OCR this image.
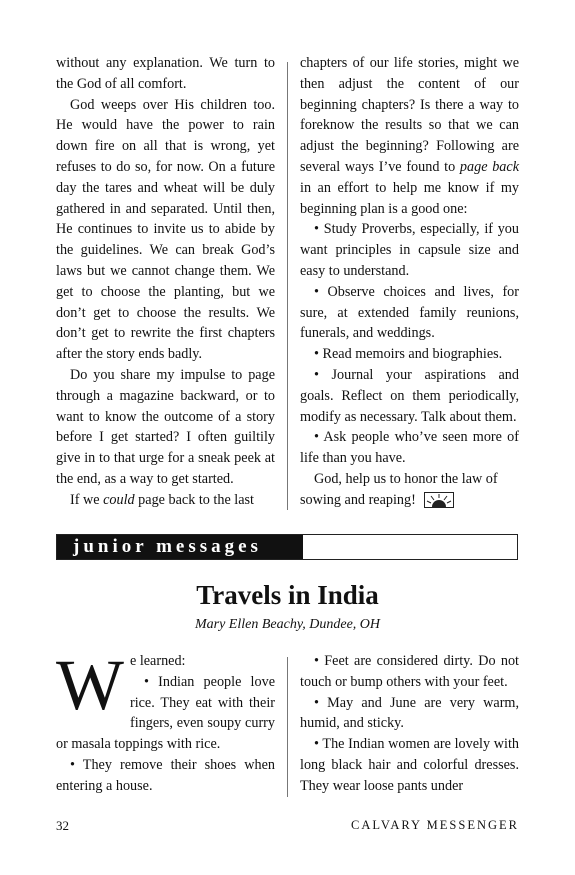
without any explanation. We turn to the God of all comfort.

God weeps over His children too. He would have the power to rain down fire on all that is wrong, yet refuses to do so, for now. On a future day the tares and wheat will be duly gathered in and separated. Until then, He continues to invite us to abide by the guidelines. We can break God’s laws but we cannot change them. We get to choose the planting, but we don’t get to choose the results. We don’t get to rewrite the first chapters after the story ends badly.

Do you share my impulse to page through a magazine backward, or to want to know the outcome of a story before I get started? I often guiltily give in to that urge for a sneak peek at the end, as a way to get started.

If we could page back to the last

chapters of our life stories, might we then adjust the content of our beginning chapters? Is there a way to foreknow the results so that we can adjust the beginning? Following are several ways I’ve found to page back in an effort to help me know if my beginning plan is a good one:

• Study Proverbs, especially, if you want principles in capsule size and easy to understand.

• Observe choices and lives, for sure, at extended family reunions, funerals, and weddings.

• Read memoirs and biographies.

• Journal your aspirations and goals. Reflect on them periodically, modify as necessary. Talk about them.

• Ask people who’ve seen more of life than you have.

God, help us to honor the law of sowing and reaping!

junior messages
Travels in India
Mary Ellen Beachy, Dundee, OH
W e learned:

• Indian people love rice. They eat with their fingers, even soupy curry or masala toppings with rice.

• They remove their shoes when entering a house.

• Feet are considered dirty. Do not touch or bump others with your feet.

• May and June are very warm, humid, and sticky.

• The Indian women are lovely with long black hair and colorful dresses. They wear loose pants under

32	CALVARY MESSENGER
